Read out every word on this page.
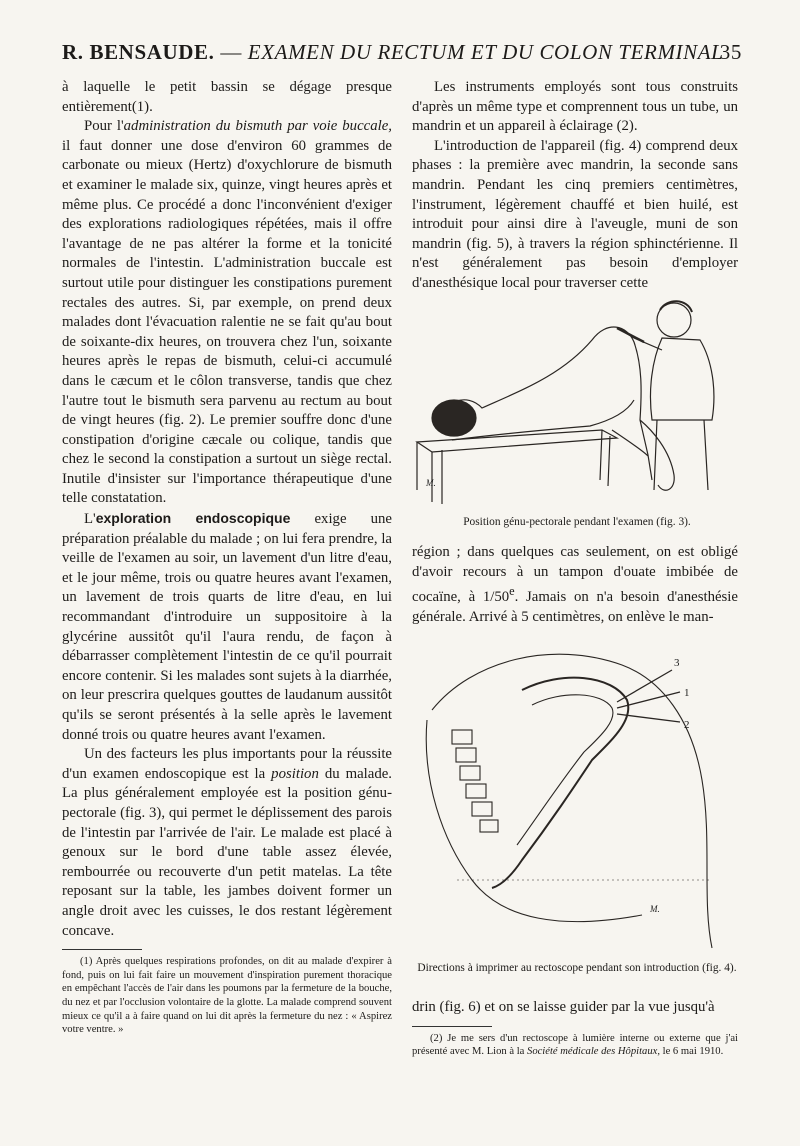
R. BENSAUDE. — EXAMEN DU RECTUM ET DU COLON TERMINAL
35

à laquelle le petit bassin se dégage presque entièrement(1).

Pour l'administration du bismuth par voie buccale, il faut donner une dose d'environ 60 grammes de carbonate ou mieux (Hertz) d'oxychlorure de bismuth et examiner le malade six, quinze, vingt heures après et même plus. Ce procédé a donc l'inconvénient d'exiger des explorations radiologiques répétées, mais il offre l'avantage de ne pas altérer la forme et la tonicité normales de l'intestin. L'administration buccale est surtout utile pour distinguer les constipations purement rectales des autres. Si, par exemple, on prend deux malades dont l'évacuation ralentie ne se fait qu'au bout de soixante-dix heures, on trouvera chez l'un, soixante heures après le repas de bismuth, celui-ci accumulé dans le cæcum et le côlon transverse, tandis que chez l'autre tout le bismuth sera parvenu au rectum au bout de vingt heures (fig. 2). Le premier souffre donc d'une constipation d'origine cæcale ou colique, tandis que chez le second la constipation a surtout un siège rectal. Inutile d'insister sur l'importance thérapeutique d'une telle constatation.

L'exploration endoscopique exige une préparation préalable du malade ; on lui fera prendre, la veille de l'examen au soir, un lavement d'un litre d'eau, et le jour même, trois ou quatre heures avant l'examen, un lavement de trois quarts de litre d'eau, en lui recommandant d'introduire un suppositoire à la glycérine aussitôt qu'il l'aura rendu, de façon à débarrasser complètement l'intestin de ce qu'il pourrait encore contenir. Si les malades sont sujets à la diarrhée, on leur prescrira quelques gouttes de laudanum aussitôt qu'ils se seront présentés à la selle après le lavement donné trois ou quatre heures avant l'examen.

Un des facteurs les plus importants pour la réussite d'un examen endoscopique est la position du malade. La plus généralement employée est la position génu-pectorale (fig. 3), qui permet le déplissement des parois de l'intestin par l'arrivée de l'air. Le malade est placé à genoux sur le bord d'une table assez élevée, rembourrée ou recouverte d'un petit matelas. La tête reposant sur la table, les jambes doivent former un angle droit avec les cuisses, le dos restant légèrement concave.

(1) Après quelques respirations profondes, on dit au malade d'expirer à fond, puis on lui fait faire un mouvement d'inspiration purement thoracique en empêchant l'accès de l'air dans les poumons par la fermeture de la bouche, du nez et par l'occlusion volontaire de la glotte. La malade comprend souvent mieux ce qu'il a à faire quand on lui dit après la fermeture du nez : « Aspirez votre ventre. »

Les instruments employés sont tous construits d'après un même type et comprennent tous un tube, un mandrin et un appareil à éclairage (2).

L'introduction de l'appareil (fig. 4) comprend deux phases : la première avec mandrin, la seconde sans mandrin. Pendant les cinq premiers centimètres, l'instrument, légèrement chauffé et bien huilé, est introduit pour ainsi dire à l'aveugle, muni de son mandrin (fig. 5), à travers la région sphinctérienne. Il n'est généralement pas besoin d'employer d'anesthésique local pour traverser cette

M.
Position génu-pectorale pendant l'examen (fig. 3).

région ; dans quelques cas seulement, on est obligé d'avoir recours à un tampon d'ouate imbibée de cocaïne, à 1/50e. Jamais on n'a besoin d'anesthésie générale. Arrivé à 5 centimètres, on enlève le man-

3
1
2
M.
Directions à imprimer au rectoscope pendant son introduction (fig. 4).

drin (fig. 6) et on se laisse guider par la vue jusqu'à

(2) Je me sers d'un rectoscope à lumière interne ou externe que j'ai présenté avec M. Lion à la Société médicale des Hôpitaux, le 6 mai 1910.
